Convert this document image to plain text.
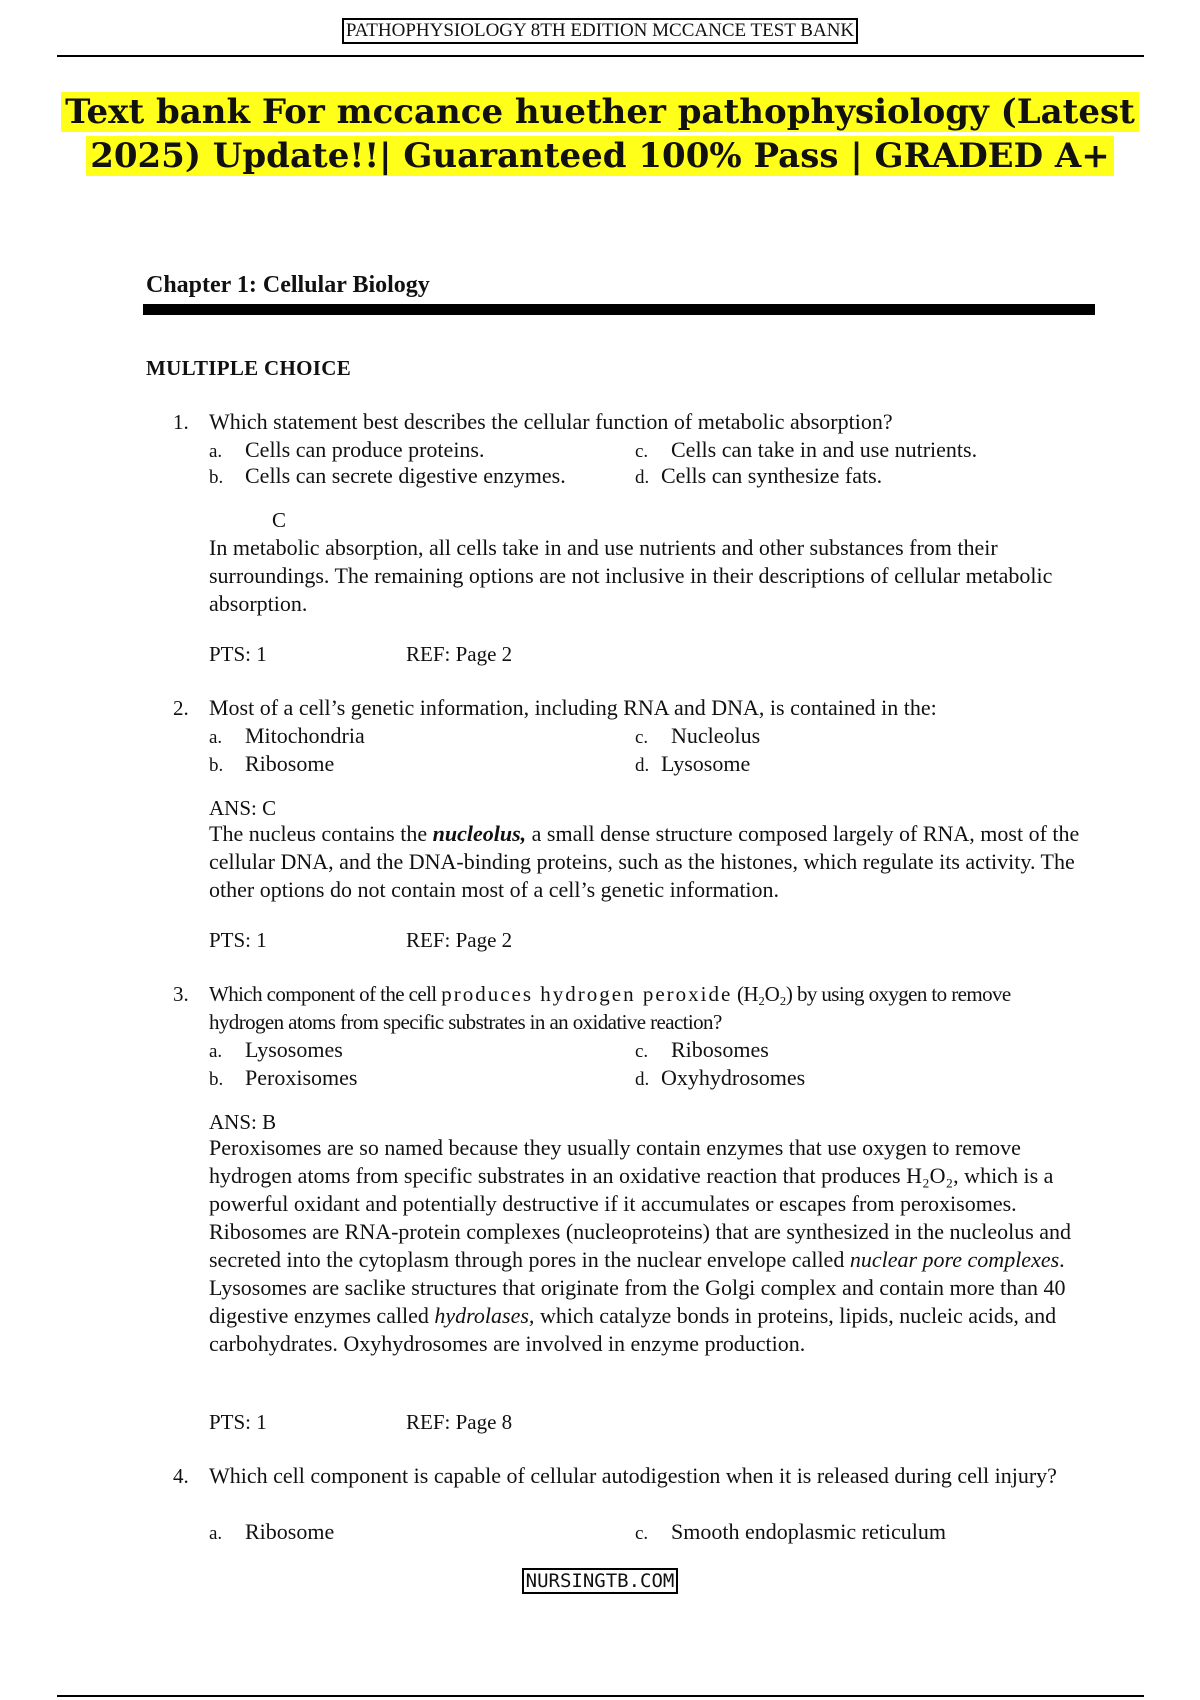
PATHOPHYSIOLOGY 8TH EDITION MCCANCE TEST BANK
Text bank For mccance huether pathophysiology (Latest
2025) Update!!| Guaranteed 100% Pass | GRADED A+
Chapter 1: Cellular Biology
MULTIPLE CHOICE
1. Which statement best describes the cellular function of metabolic absorption?
a. Cells can produce proteins.
b. Cells can secrete digestive enzymes.
c. Cells can take in and use nutrients.
d. Cells can synthesize fats.
C
In metabolic absorption, all cells take in and use nutrients and other substances from their surroundings. The remaining options are not inclusive in their descriptions of cellular metabolic absorption.
PTS: 1	REF: Page 2
2. Most of a cell’s genetic information, including RNA and DNA, is contained in the:
a. Mitochondria
b. Ribosome
c. Nucleolus
d. Lysosome
ANS: C
The nucleus contains the nucleolus, a small dense structure composed largely of RNA, most of the cellular DNA, and the DNA-binding proteins, such as the histones, which regulate its activity. The other options do not contain most of a cell’s genetic information.
PTS: 1	REF: Page 2
3. Which component of the cell produces hydrogen peroxide (H₂O₂) by using oxygen to remove hydrogen atoms from specific substrates in an oxidative reaction?
a. Lysosomes
b. Peroxisomes
c. Ribosomes
d. Oxyhydrosomes
ANS: B
Peroxisomes are so named because they usually contain enzymes that use oxygen to remove hydrogen atoms from specific substrates in an oxidative reaction that produces H₂O₂, which is a powerful oxidant and potentially destructive if it accumulates or escapes from peroxisomes. Ribosomes are RNA-protein complexes (nucleoproteins) that are synthesized in the nucleolus and secreted into the cytoplasm through pores in the nuclear envelope called nuclear pore complexes. Lysosomes are saclike structures that originate from the Golgi complex and contain more than 40 digestive enzymes called hydrolases, which catalyze bonds in proteins, lipids, nucleic acids, and carbohydrates. Oxyhydrosomes are involved in enzyme production.
PTS: 1	REF: Page 8
4. Which cell component is capable of cellular autodigestion when it is released during cell injury?
a. Ribosome	c. Smooth endoplasmic reticulum
NURSINGTB.COM
